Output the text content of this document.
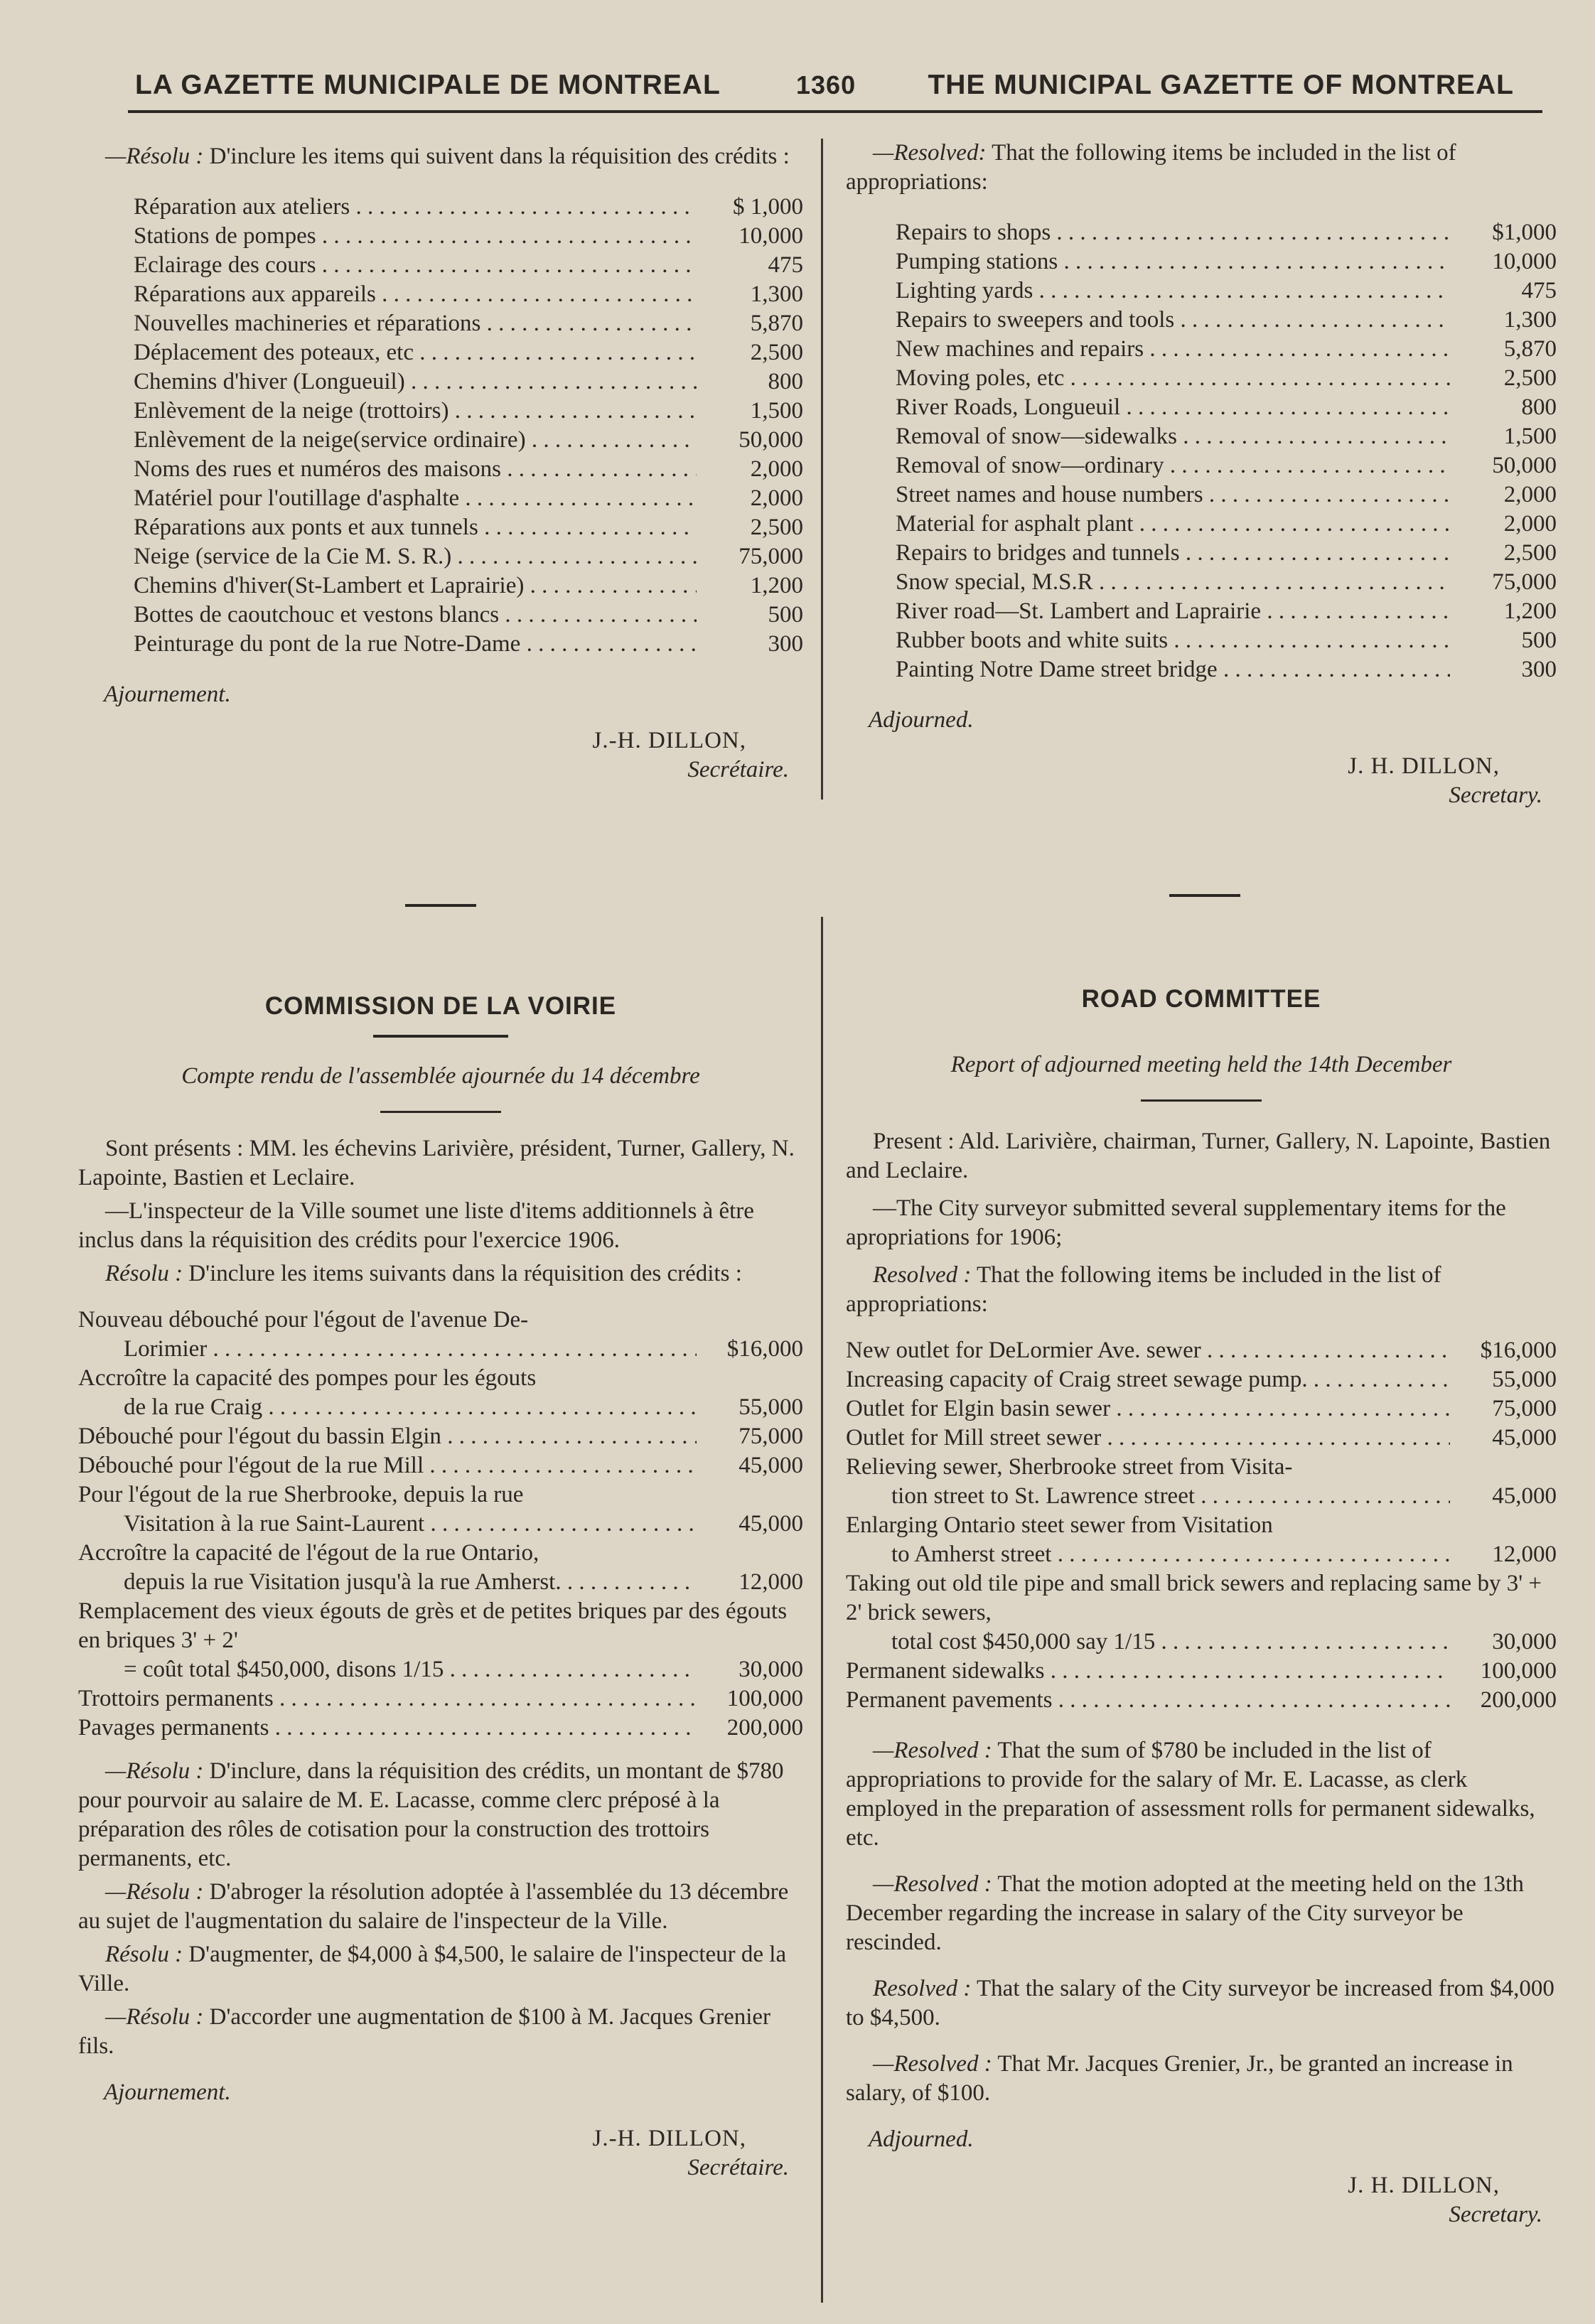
LA GAZETTE MUNICIPALE DE MONTREAL	1360	THE MUNICIPAL GAZETTE OF MONTREAL

—Résolu : D'inclure les items qui suivent dans la réquisition des crédits :

Réparation aux ateliers . . .	$ 1,000
Stations de pompes . . .	10,000
Eclairage des cours . . .	475
Réparations aux appareils . . .	1,300
Nouvelles machineries et réparations . . .	5,870
Déplacement des poteaux, etc . . .	2,500
Chemins d'hiver (Longueuil) . . .	800
Enlèvement de la neige (trottoirs) . . .	1,500
Enlèvement de la neige(service ordinaire) . . .	50,000
Noms des rues et numéros des maisons . . .	2,000
Matériel pour l'outillage d'asphalte . . .	2,000
Réparations aux ponts et aux tunnels . . .	2,500
Neige (service de la Cie M. S. R.) . . .	75,000
Chemins d'hiver(St-Lambert et Laprairie) . . .	1,200
Bottes de caoutchouc et vestons blancs . . .	500
Peinturage du pont de la rue Notre-Dame . . .	300

Ajournement.

J.-H. DILLON,
Secrétaire.

—Resolved: That the following items be included in the list of appropriations:

Repairs to shops . . .	$1,000
Pumping stations . . .	10,000
Lighting yards . . .	475
Repairs to sweepers and tools . . .	1,300
New machines and repairs . . .	5,870
Moving poles, etc . . .	2,500
River Roads, Longueuil . . .	800
Removal of snow—sidewalks . . .	1,500
Removal of snow—ordinary . . .	50,000
Street names and house numbers . . .	2,000
Material for asphalt plant . . .	2,000
Repairs to bridges and tunnels . . .	2,500
Snow special, M.S.R . . .	75,000
River road—St. Lambert and Laprairie . . .	1,200
Rubber boots and white suits . . .	500
Painting Notre Dame street bridge . . .	300

Adjourned.

J. H. DILLON,
Secretary.

COMMISSION DE LA VOIRIE

Compte rendu de l'assemblée ajournée du 14 décembre

Sont présents : MM. les échevins Larivière, président, Turner, Gallery, N. Lapointe, Bastien et Leclaire.

—L'inspecteur de la Ville soumet une liste d'items additionnels à être inclus dans la réquisition des crédits pour l'exercice 1906.

Résolu : D'inclure les items suivants dans la réquisition des crédits :

Nouveau débouché pour l'égout de l'avenue De-
Lorimier . . .	$16,000
Accroître la capacité des pompes pour les égouts
de la rue Craig . . .	55,000
Débouché pour l'égout du bassin Elgin . . .	75,000
Débouché pour l'égout de la rue Mill . . .	45,000
Pour l'égout de la rue Sherbrooke, depuis la rue
Visitation à la rue Saint-Laurent . . .	45,000
Accroître la capacité de l'égout de la rue Ontario,
depuis la rue Visitation jusqu'à la rue Amherst. . . .	12,000
Remplacement des vieux égouts de grès et de petites briques par des égouts en briques 3' + 2'
= coût total $450,000, disons 1/15 . . .	30,000
Trottoirs permanents . . .	100,000
Pavages permanents . . .	200,000

—Résolu : D'inclure, dans la réquisition des crédits, un montant de $780 pour pourvoir au salaire de M. E. Lacasse, comme clerc préposé à la préparation des rôles de cotisation pour la construction des trottoirs permanents, etc.

—Résolu : D'abroger la résolution adoptée à l'assemblée du 13 décembre au sujet de l'augmentation du salaire de l'inspecteur de la Ville.

Résolu : D'augmenter, de $4,000 à $4,500, le salaire de l'inspecteur de la Ville.

—Résolu : D'accorder une augmentation de $100 à M. Jacques Grenier fils.

Ajournement.

J.-H. DILLON,
Secrétaire.

ROAD COMMITTEE

Report of adjourned meeting held the 14th December

Present : Ald. Larivière, chairman, Turner, Gallery, N. Lapointe, Bastien and Leclaire.

—The City surveyor submitted several supplementary items for the apropriations for 1906;

Resolved : That the following items be included in the list of appropriations:

New outlet for DeLormier Ave. sewer . . .	$16,000
Increasing capacity of Craig street sewage pump. . . .	55,000
Outlet for Elgin basin sewer . . .	75,000
Outlet for Mill street sewer . . .	45,000
Relieving sewer, Sherbrooke street from Visita-
tion street to St. Lawrence street . . .	45,000
Enlarging Ontario steet sewer from Visitation
to Amherst street . . .	12,000
Taking out old tile pipe and small brick sewers and replacing same by 3' + 2' brick sewers,
total cost $450,000 say 1/15 . . .	30,000
Permanent sidewalks . . .	100,000
Permanent pavements . . .	200,000

—Resolved : That the sum of $780 be included in the list of appropriations to provide for the salary of Mr. E. Lacasse, as clerk employed in the preparation of assessment rolls for permanent sidewalks, etc.

—Resolved : That the motion adopted at the meeting held on the 13th December regarding the increase in salary of the City surveyor be rescinded.

Resolved : That the salary of the City surveyor be increased from $4,000 to $4,500.

—Resolved : That Mr. Jacques Grenier, Jr., be granted an increase in salary, of $100.

Adjourned.

J. H. DILLON,
Secretary.
